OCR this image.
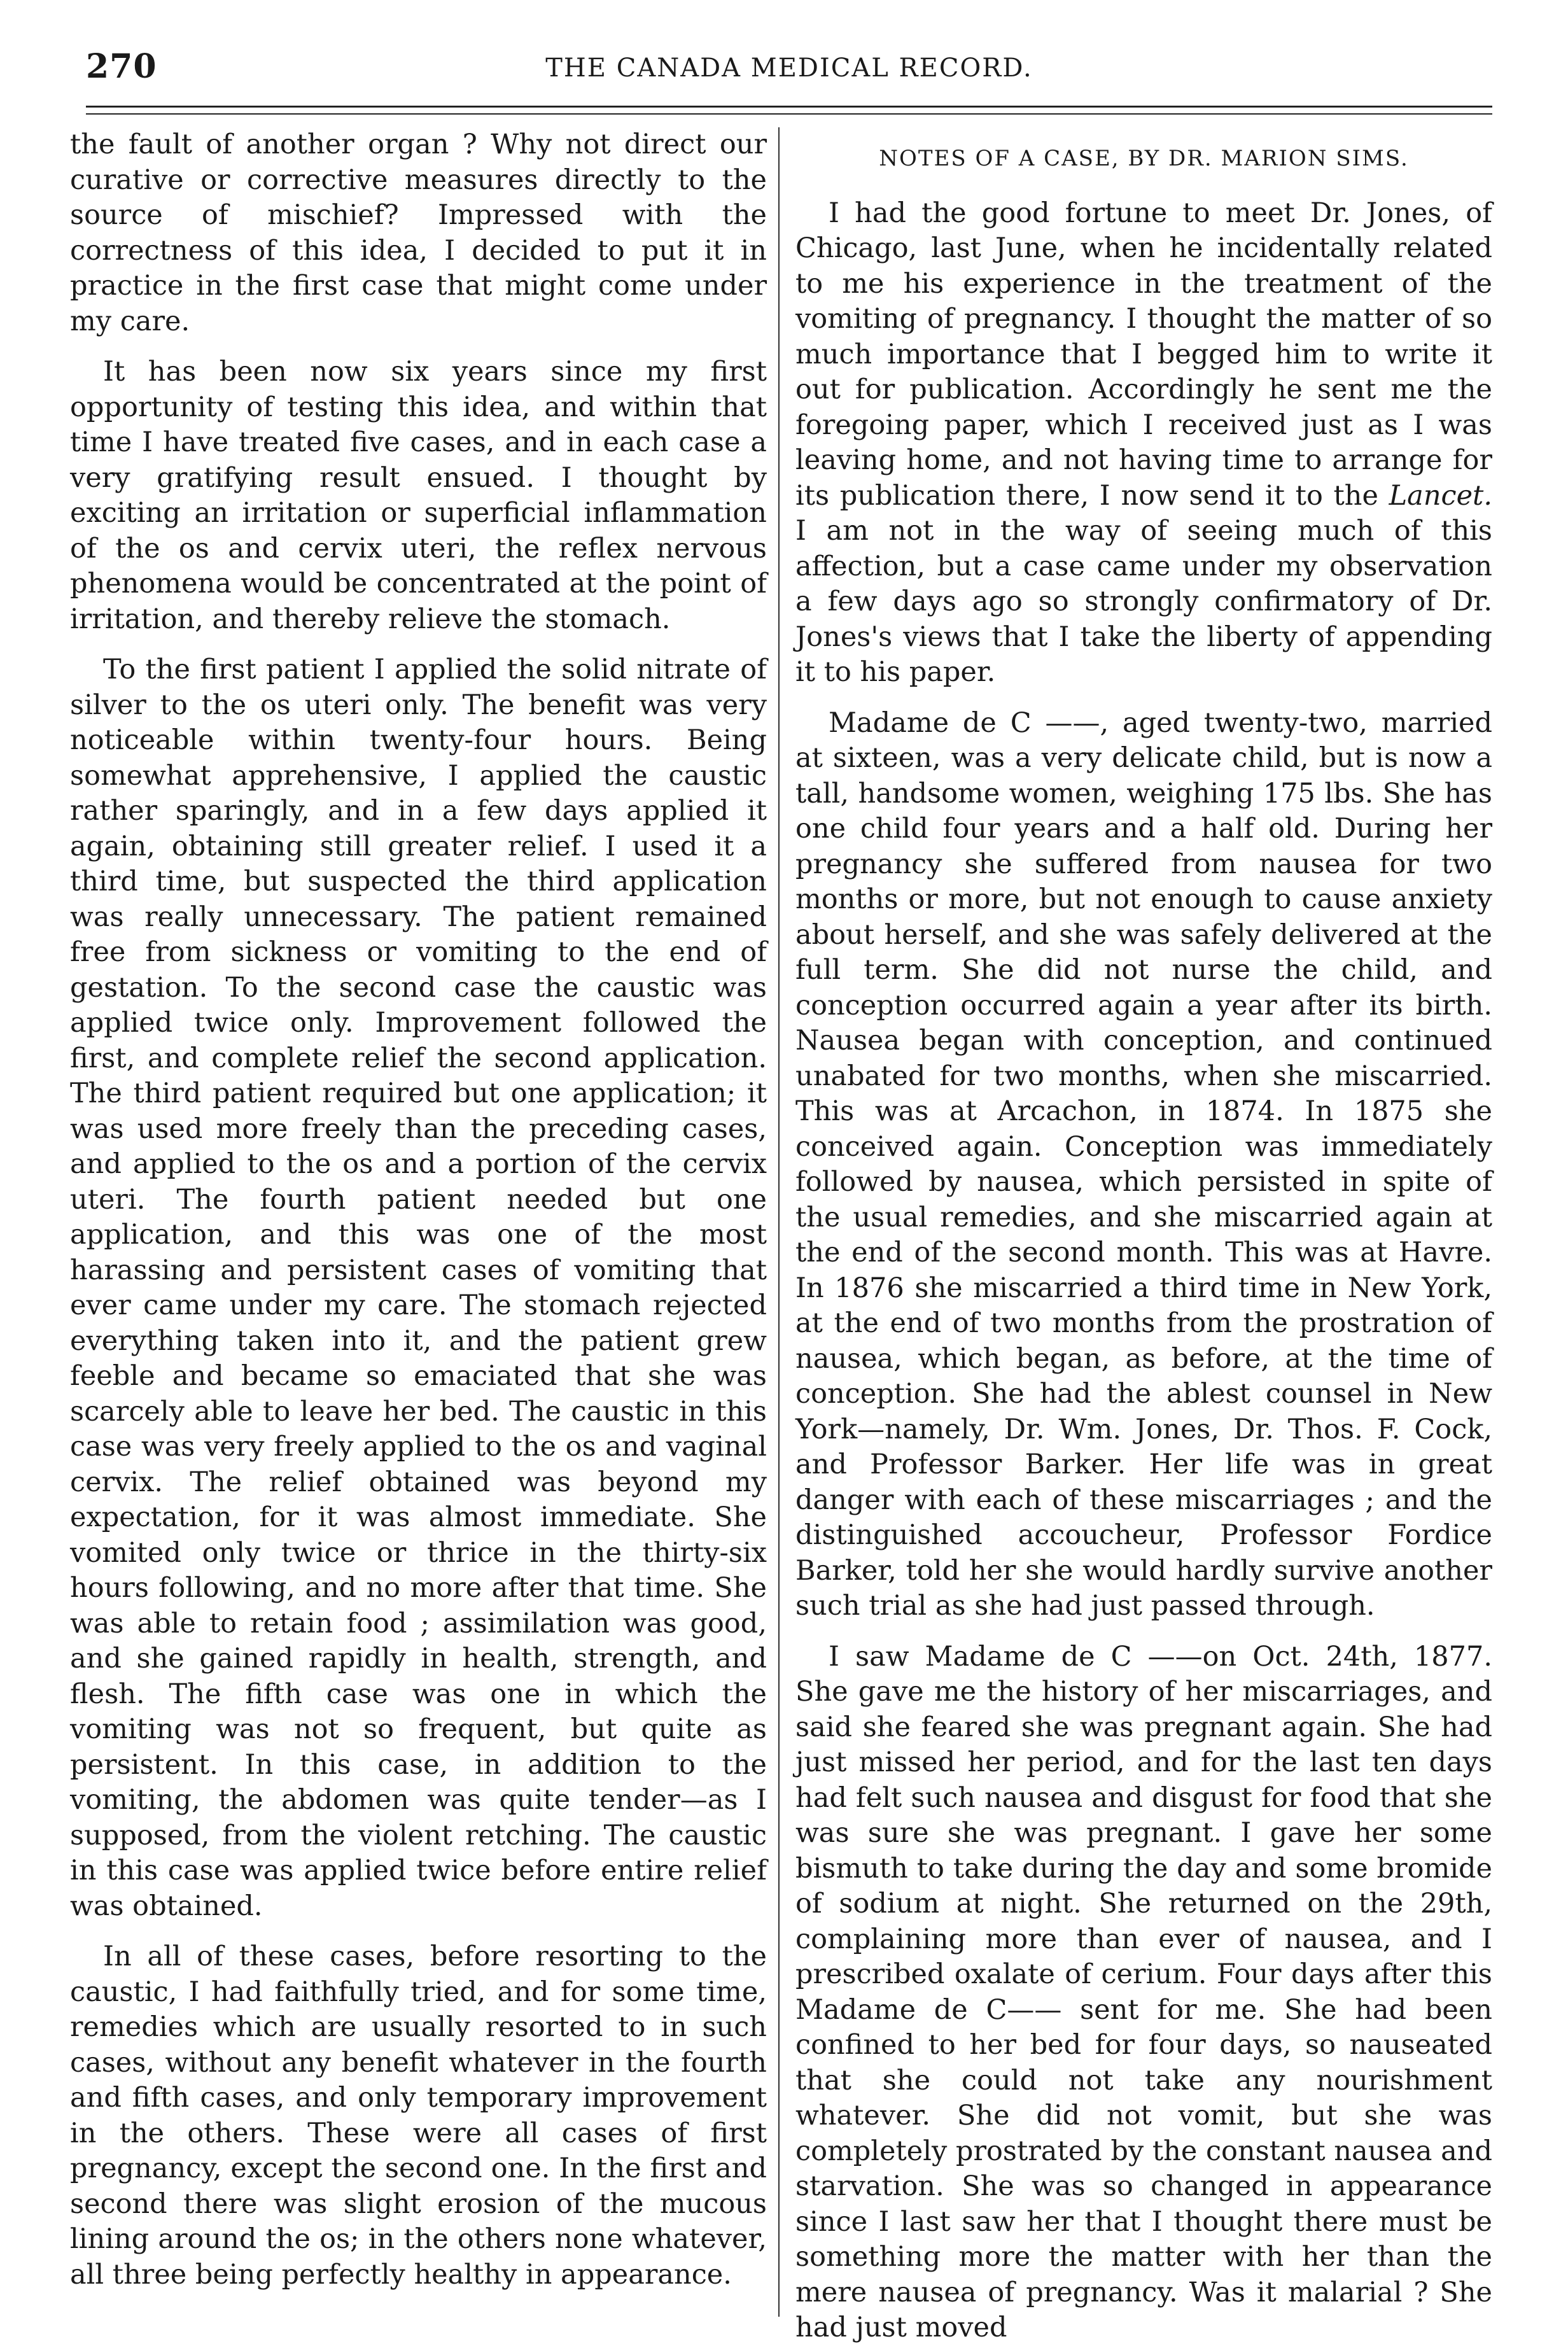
270	THE CANADA MEDICAL RECORD.

the fault of another organ ? Why not direct our curative or corrective measures directly to the source of mischief? Impressed with the correctness of this idea, I decided to put it in practice in the first case that might come under my care.

It has been now six years since my first opportunity of testing this idea, and within that time I have treated five cases, and in each case a very gratifying result ensued. I thought by exciting an irritation or superficial inflammation of the os and cervix uteri, the reflex nervous phenomena would be concentrated at the point of irritation, and thereby relieve the stomach.

To the first patient I applied the solid nitrate of silver to the os uteri only. The benefit was very noticeable within twenty-four hours. Being somewhat apprehensive, I applied the caustic rather sparingly, and in a few days applied it again, obtaining still greater relief. I used it a third time, but suspected the third application was really unnecessary. The patient remained free from sickness or vomiting to the end of gestation. To the second case the caustic was applied twice only. Improvement followed the first, and complete relief the second application. The third patient required but one application; it was used more freely than the preceding cases, and applied to the os and a portion of the cervix uteri. The fourth patient needed but one application, and this was one of the most harassing and persistent cases of vomiting that ever came under my care. The stomach rejected everything taken into it, and the patient grew feeble and became so emaciated that she was scarcely able to leave her bed. The caustic in this case was very freely applied to the os and vaginal cervix. The relief obtained was beyond my expectation, for it was almost immediate. She vomited only twice or thrice in the thirty-six hours following, and no more after that time. She was able to retain food ; assimilation was good, and she gained rapidly in health, strength, and flesh. The fifth case was one in which the vomiting was not so frequent, but quite as persistent. In this case, in addition to the vomiting, the abdomen was quite tender—as I supposed, from the violent retching. The caustic in this case was applied twice before entire relief was obtained.

In all of these cases, before resorting to the caustic, I had faithfully tried, and for some time, remedies which are usually resorted to in such cases, without any benefit whatever in the fourth and fifth cases, and only temporary improvement in the others. These were all cases of first pregnancy, except the second one. In the first and second there was slight erosion of the mucous lining around the os; in the others none whatever, all three being perfectly healthy in appearance.

NOTES OF A CASE, BY DR. MARION SIMS.

I had the good fortune to meet Dr. Jones, of Chicago, last June, when he incidentally related to me his experience in the treatment of the vomiting of pregnancy. I thought the matter of so much importance that I begged him to write it out for publication. Accordingly he sent me the foregoing paper, which I received just as I was leaving home, and not having time to arrange for its publication there, I now send it to the Lancet. I am not in the way of seeing much of this affection, but a case came under my observation a few days ago so strongly confirmatory of Dr. Jones's views that I take the liberty of appending it to his paper.

Madame de C ——, aged twenty-two, married at sixteen, was a very delicate child, but is now a tall, handsome women, weighing 175 lbs. She has one child four years and a half old. During her pregnancy she suffered from nausea for two months or more, but not enough to cause anxiety about herself, and she was safely delivered at the full term. She did not nurse the child, and conception occurred again a year after its birth. Nausea began with conception, and continued unabated for two months, when she miscarried. This was at Arcachon, in 1874. In 1875 she conceived again. Conception was immediately followed by nausea, which persisted in spite of the usual remedies, and she miscarried again at the end of the second month. This was at Havre. In 1876 she miscarried a third time in New York, at the end of two months from the prostration of nausea, which began, as before, at the time of conception. She had the ablest counsel in New York—namely, Dr. Wm. Jones, Dr. Thos. F. Cock, and Professor Barker. Her life was in great danger with each of these miscarriages ; and the distinguished accoucheur, Professor Fordice Barker, told her she would hardly survive another such trial as she had just passed through.

I saw Madame de C ——on Oct. 24th, 1877. She gave me the history of her miscarriages, and said she feared she was pregnant again. She had just missed her period, and for the last ten days had felt such nausea and disgust for food that she was sure she was pregnant. I gave her some bismuth to take during the day and some bromide of sodium at night. She returned on the 29th, complaining more than ever of nausea, and I prescribed oxalate of cerium. Four days after this Madame de C—— sent for me. She had been confined to her bed for four days, so nauseated that she could not take any nourishment whatever. She did not vomit, but she was completely prostrated by the constant nausea and starvation. She was so changed in appearance since I last saw her that I thought there must be something more the matter with her than the mere nausea of pregnancy. Was it malarial ? She had just moved
